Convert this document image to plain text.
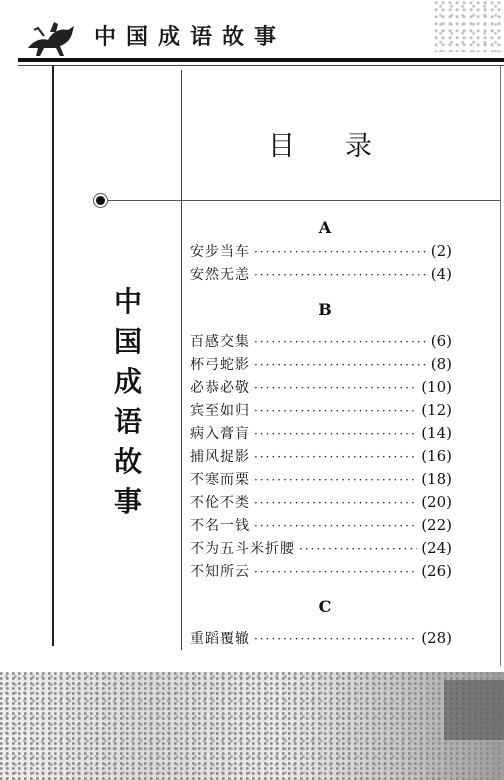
中国成语故事
目录
中
国
成
语
故
事
A
安步当车 ·····	(2)
安然无恙 ·····	(4)
B
百感交集 ·····	(6)
杯弓蛇影 ·····	(8)
必恭必敬 ·····	(10)
宾至如归 ·····	(12)
病入膏肓 ·····	(14)
捕风捉影 ·····	(16)
不寒而栗 ·····	(18)
不伦不类 ·····	(20)
不名一钱 ·····	(22)
不为五斗米折腰 ·····	(24)
不知所云 ·····	(26)
C
重蹈覆辙 ·····	(28)
